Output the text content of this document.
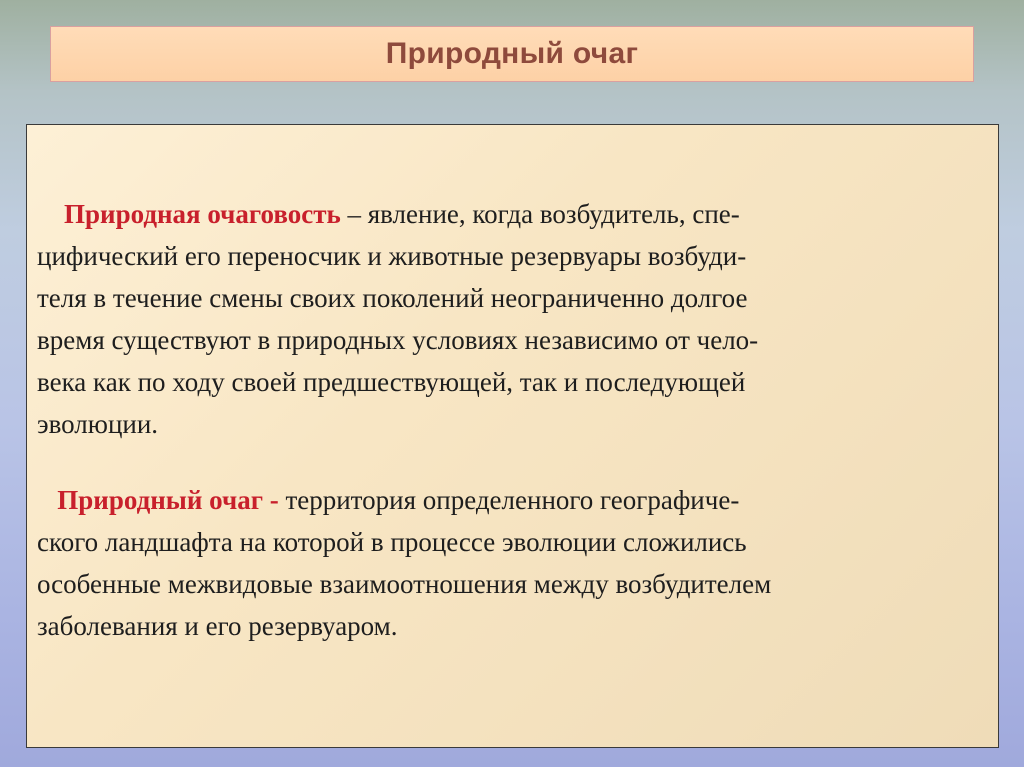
Природный очаг

Природная очаговость – явление, когда возбудитель, спе-
цифический его переносчик и животные резервуары возбуди-
теля в течение смены своих поколений неограниченно долгое
время существуют в природных условиях независимо от чело-
века как по ходу своей предшествующей, так и последующей
эволюции.

Природный очаг - территория определенного географиче-
ского ландшафта на которой в процессе эволюции сложились
особенные межвидовые взаимоотношения между возбудителем
заболевания и его резервуаром.
